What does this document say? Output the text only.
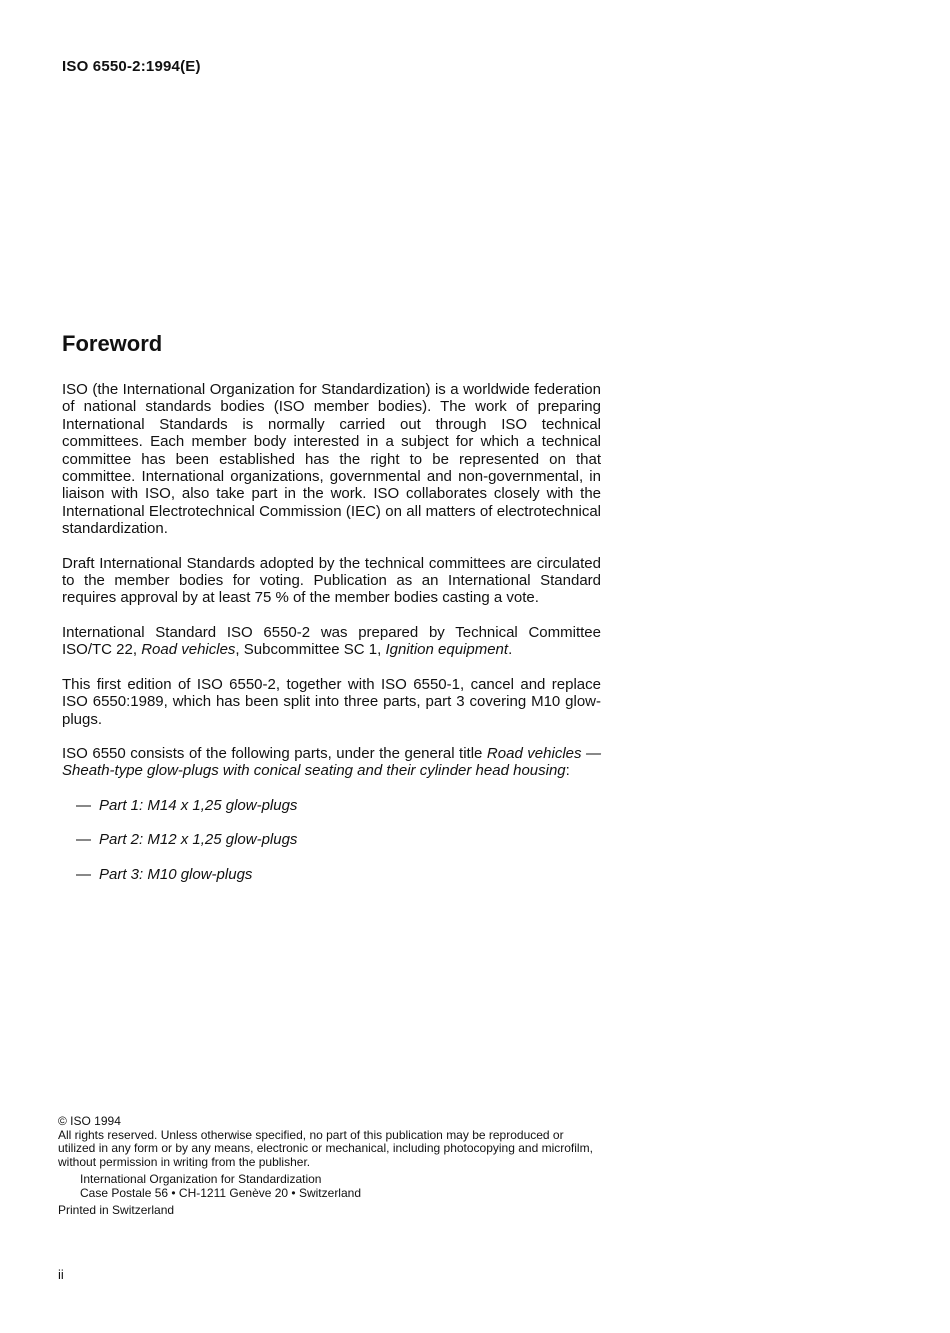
ISO 6550-2:1994(E)
Foreword

ISO (the International Organization for Standardization) is a worldwide federation of national standards bodies (ISO member bodies). The work of preparing International Standards is normally carried out through ISO technical committees. Each member body interested in a subject for which a technical committee has been established has the right to be represented on that committee. International organizations, governmental and non-governmental, in liaison with ISO, also take part in the work. ISO collaborates closely with the International Electrotechnical Commission (IEC) on all matters of electrotechnical standardization.

Draft International Standards adopted by the technical committees are circulated to the member bodies for voting. Publication as an International Standard requires approval by at least 75 % of the member bodies casting a vote.

International Standard ISO 6550-2 was prepared by Technical Committee ISO/TC 22, Road vehicles, Subcommittee SC 1, Ignition equipment.

This first edition of ISO 6550-2, together with ISO 6550-1, cancel and replace ISO 6550:1989, which has been split into three parts, part 3 covering M10 glow-plugs.

ISO 6550 consists of the following parts, under the general title Road vehicles — Sheath-type glow-plugs with conical seating and their cylinder head housing:

— Part 1: M14 x 1,25 glow-plugs
— Part 2: M12 x 1,25 glow-plugs
— Part 3: M10 glow-plugs

© ISO 1994

All rights reserved. Unless otherwise specified, no part of this publication may be reproduced or utilized in any form or by any means, electronic or mechanical, including photocopying and microfilm, without permission in writing from the publisher.

International Organization for Standardization

Case Postale 56 • CH-1211 Genève 20 • Switzerland

Printed in Switzerland

ii
